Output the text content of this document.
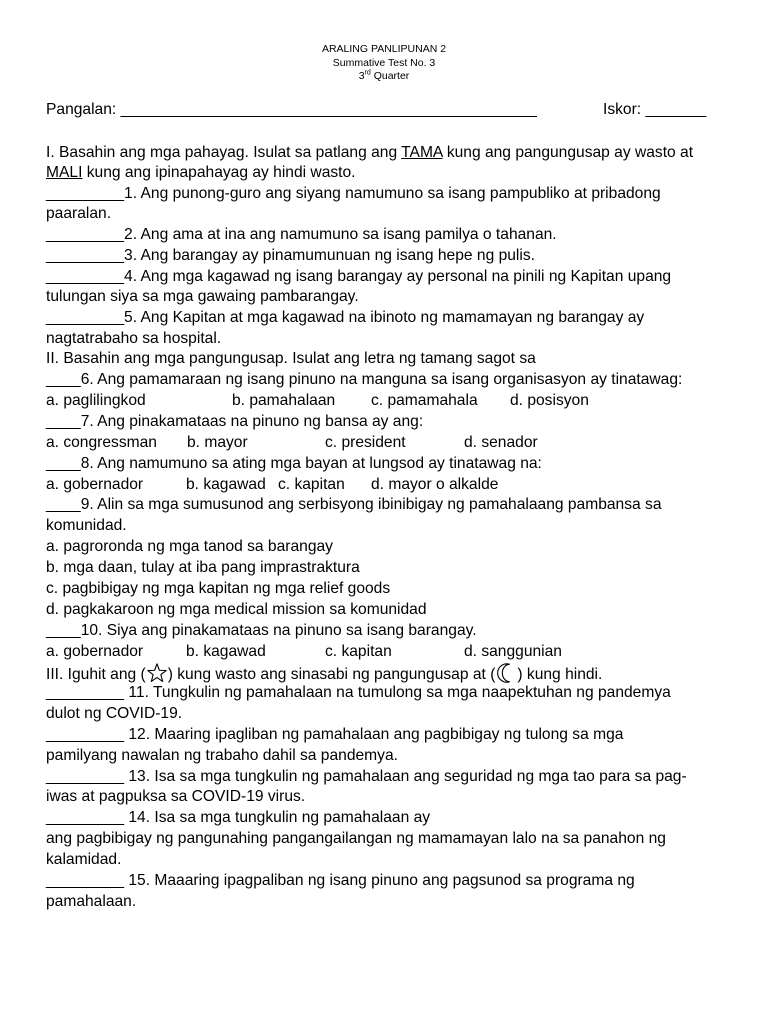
ARALING PANLIPUNAN 2
Summative Test No. 3
3rd Quarter
Pangalan: ________________________________________________	Iskor: _______
I. Basahin ang mga pahayag. Isulat sa patlang ang TAMA kung ang pangungusap ay wasto at
MALI kung ang ipinapahayag ay hindi wasto.
_________1. Ang punong-guro ang siyang namumuno sa isang pampubliko at pribadong
paaralan.
_________2. Ang ama at ina ang namumuno sa isang pamilya o tahanan.
_________3. Ang barangay ay pinamumunuan ng isang hepe ng pulis.
_________4. Ang mga kagawad ng isang barangay ay personal na pinili ng Kapitan upang
tulungan siya sa mga gawaing pambarangay.
_________5. Ang Kapitan at mga kagawad na ibinoto ng mamamayan ng barangay ay
nagtatrabaho sa hospital.
II. Basahin ang mga pangungusap. Isulat ang letra ng tamang sagot sa
____6. Ang pamamaraan ng isang pinuno na manguna sa isang organisasyon ay tinatawag:
a. paglilingkod	b. pamahalaan c. pamamahala d. posisyon
____7. Ang pinakamataas na pinuno ng bansa ay ang:
a. congressman b. mayor	c. president	d. senador
____8. Ang namumuno sa ating mga bayan at lungsod ay tinatawag na:
a. gobernador	b. kagawad c. kapitan d. mayor o alkalde
____9. Alin sa mga sumusunod ang serbisyong ibinibigay ng pamahalaang pambansa sa
komunidad.
a. pagroronda ng mga tanod sa barangay
b. mga daan, tulay at iba pang imprastraktura
c. pagbibigay ng mga kapitan ng mga relief goods
d. pagkakaroon ng mga medical mission sa komunidad
____10. Siya ang pinakamataas na pinuno sa isang barangay.
a. gobernador	b. kagawad	c. kapitan	d. sanggunian
III. Iguhit ang ( ) kung wasto ang sinasabi ng pangungusap at ( ) kung hindi.
_________ 11. Tungkulin ng pamahalaan na tumulong sa mga naapektuhan ng pandemya
dulot ng COVID-19.
_________ 12. Maaring ipagliban ng pamahalaan ang pagbibigay ng tulong sa mga
pamilyang nawalan ng trabaho dahil sa pandemya.
_________ 13. Isa sa mga tungkulin ng pamahalaan ang seguridad ng mga tao para sa pag-
iwas at pagpuksa sa COVID-19 virus.
_________ 14. Isa sa mga tungkulin ng pamahalaan ay
ang pagbibigay ng pangunahing pangangailangan ng mamamayan lalo na sa panahon ng
kalamidad.
_________ 15. Maaaring ipagpaliban ng isang pinuno ang pagsunod sa programa ng
pamahalaan.
